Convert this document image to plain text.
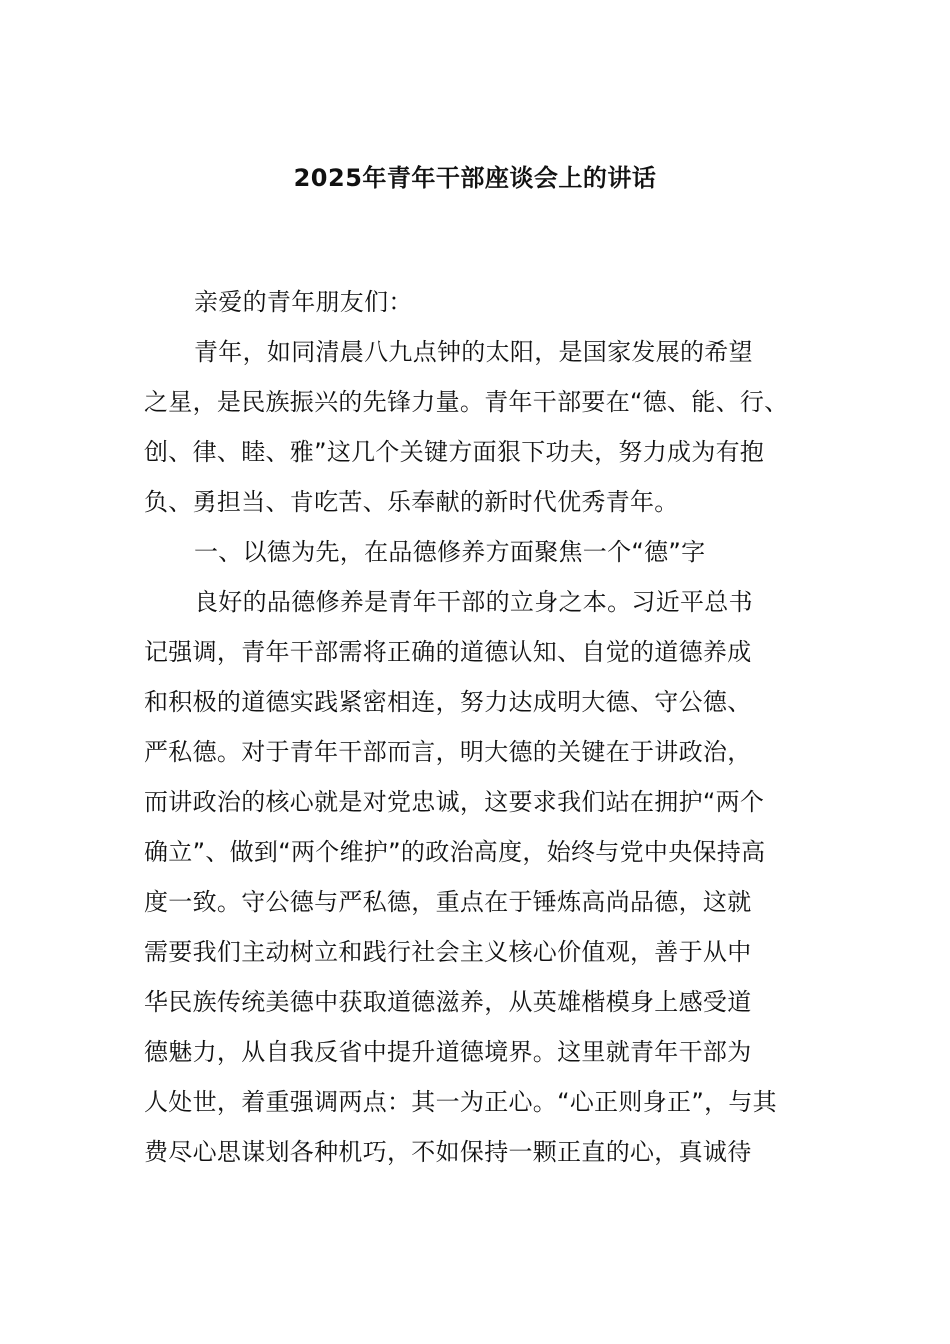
2025年青年干部座谈会上的讲话
亲爱的青年朋友们：
青年，如同清晨八九点钟的太阳，是国家发展的希望
之星，是民族振兴的先锋力量。青年干部要在“德、能、行、
创、律、睦、雅”这几个关键方面狠下功夫，努力成为有抱
负、勇担当、肯吃苦、乐奉献的新时代优秀青年。
一、以德为先，在品德修养方面聚焦一个“德”字
良好的品德修养是青年干部的立身之本。习近平总书
记强调，青年干部需将正确的道德认知、自觉的道德养成
和积极的道德实践紧密相连，努力达成明大德、守公德、
严私德。对于青年干部而言，明大德的关键在于讲政治，
而讲政治的核心就是对党忠诚，这要求我们站在拥护“两个
确立”、做到“两个维护”的政治高度，始终与党中央保持高
度一致。守公德与严私德，重点在于锤炼高尚品德，这就
需要我们主动树立和践行社会主义核心价值观，善于从中
华民族传统美德中获取道德滋养，从英雄楷模身上感受道
德魅力，从自我反省中提升道德境界。这里就青年干部为
人处世，着重强调两点：其一为正心。“心正则身正”，与其
费尽心思谋划各种机巧，不如保持一颗正直的心，真诚待
